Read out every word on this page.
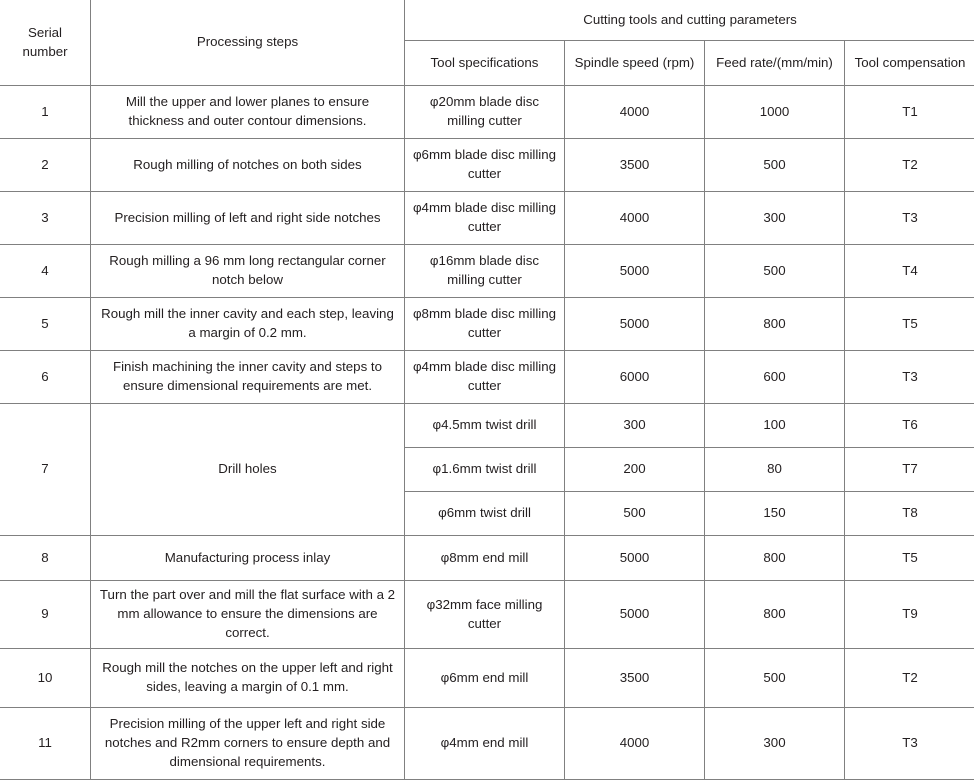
Serial number	Processing steps	Cutting tools and cutting parameters			
		Tool specifications	Spindle speed (rpm)	Feed rate/(mm/min)	Tool compensation
1	Mill the upper and lower planes to ensure thickness and outer contour dimensions.	φ20mm blade disc milling cutter	4000	1000	T1
2	Rough milling of notches on both sides	φ6mm blade disc milling cutter	3500	500	T2
3	Precision milling of left and right side notches	φ4mm blade disc milling cutter	4000	300	T3
4	Rough milling a 96 mm long rectangular corner notch below	φ16mm blade disc milling cutter	5000	500	T4
5	Rough mill the inner cavity and each step, leaving a margin of 0.2 mm.	φ8mm blade disc milling cutter	5000	800	T5
6	Finish machining the inner cavity and steps to ensure dimensional requirements are met.	φ4mm blade disc milling cutter	6000	600	T3
7	Drill holes	φ4.5mm twist drill	300	100	T6
		φ1.6mm twist drill	200	80	T7
		φ6mm twist drill	500	150	T8
8	Manufacturing process inlay	φ8mm end mill	5000	800	T5
9	Turn the part over and mill the flat surface with a 2 mm allowance to ensure the dimensions are correct.	φ32mm face milling cutter	5000	800	T9
10	Rough mill the notches on the upper left and right sides, leaving a margin of 0.1 mm.	φ6mm end mill	3500	500	T2
11	Precision milling of the upper left and right side notches and R2mm corners to ensure depth and dimensional requirements.	φ4mm end mill	4000	300	T3
